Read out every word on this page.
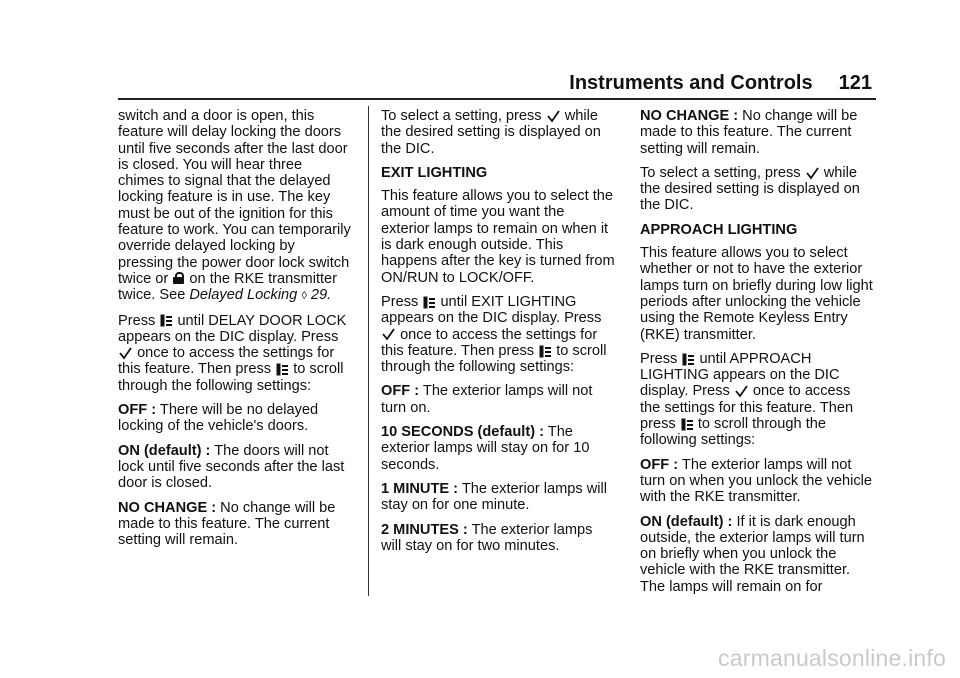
Instruments and Controls 121

switch and a door is open, this feature will delay locking the doors until five seconds after the last door is closed. You will hear three chimes to signal that the delayed locking feature is in use. The key must be out of the ignition for this feature to work. You can temporarily override delayed locking by pressing the power door lock switch twice or on the RKE transmitter twice. See Delayed Locking ◊ 29.

Press until DELAY DOOR LOCK appears on the DIC display. Press  once to access the settings for this feature. Then press to scroll through the following settings:

OFF : There will be no delayed locking of the vehicle's doors.

ON (default) : The doors will not lock until five seconds after the last door is closed.

NO CHANGE : No change will be made to this feature. The current setting will remain.

To select a setting, press while the desired setting is displayed on the DIC.

EXIT LIGHTING

This feature allows you to select the amount of time you want the exterior lamps to remain on when it is dark enough outside. This happens after the key is turned from ON/RUN to LOCK/OFF.

Press until EXIT LIGHTING appears on the DIC display. Press  once to access the settings for this feature. Then press to scroll through the following settings:

OFF : The exterior lamps will not turn on.

10 SECONDS (default) : The exterior lamps will stay on for 10 seconds.

1 MINUTE : The exterior lamps will stay on for one minute.

2 MINUTES : The exterior lamps will stay on for two minutes.

NO CHANGE : No change will be made to this feature. The current setting will remain.

To select a setting, press while the desired setting is displayed on the DIC.

APPROACH LIGHTING

This feature allows you to select whether or not to have the exterior lamps turn on briefly during low light periods after unlocking the vehicle using the Remote Keyless Entry (RKE) transmitter.

Press until APPROACH LIGHTING appears on the DIC display. Press once to access the settings for this feature. Then press to scroll through the following settings:

OFF : The exterior lamps will not turn on when you unlock the vehicle with the RKE transmitter.

ON (default) : If it is dark enough outside, the exterior lamps will turn on briefly when you unlock the vehicle with the RKE transmitter. The lamps will remain on for

carmanualsonline.info
